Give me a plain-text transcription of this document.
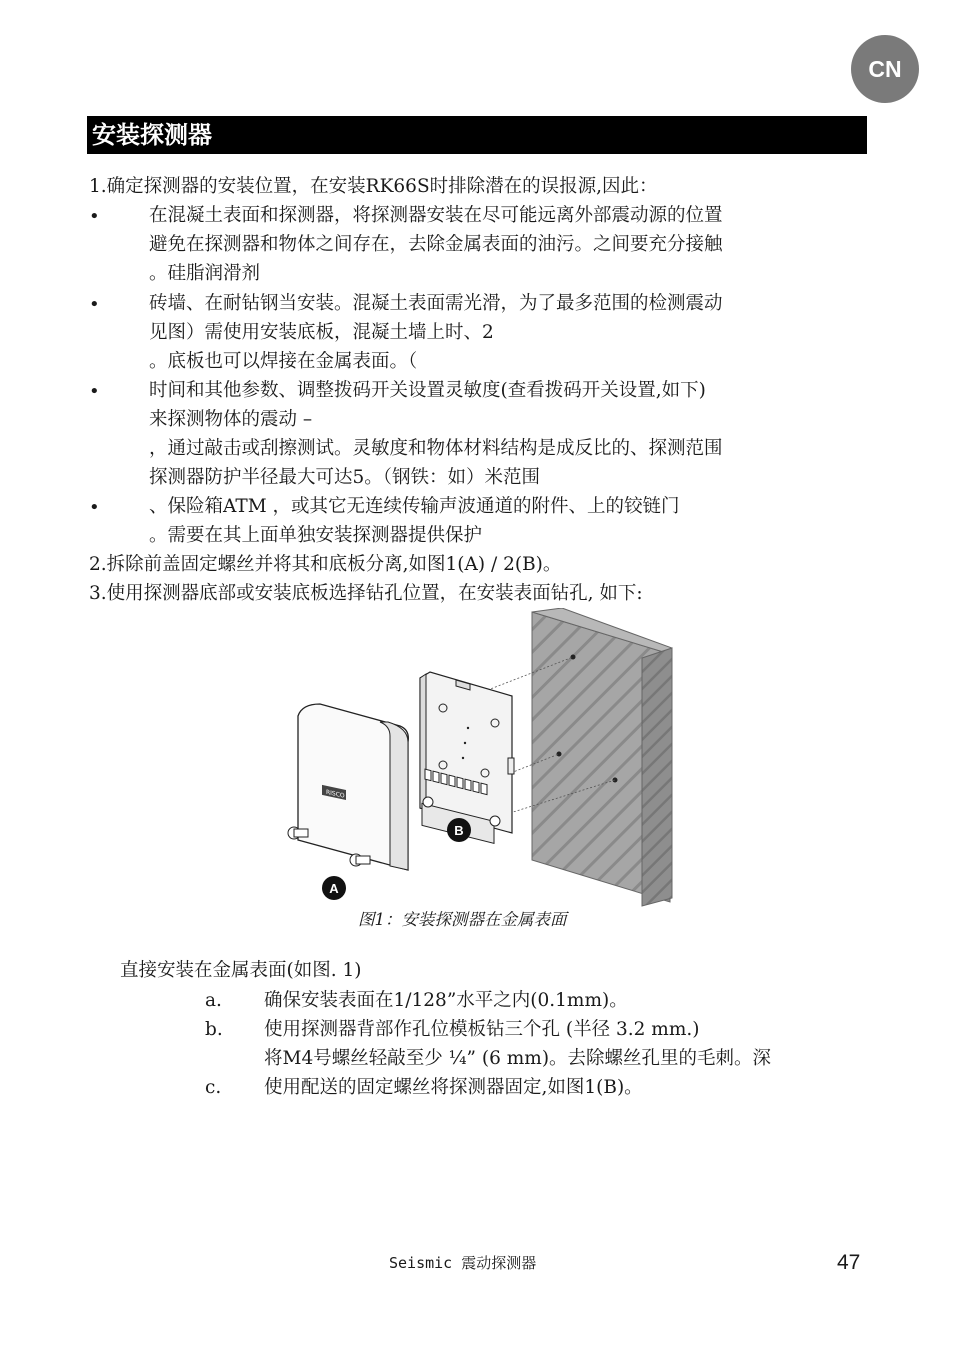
CN
安装探测器
1.确定探测器的安装位置，在安装RK66S时排除潜在的误报源,因此：
•	在混凝土表面和探测器，将探测器安装在尽可能远离外部震动源的位置
避免在探测器和物体之间存在，去除金属表面的油污。之间要充分接触
。硅脂润滑剂
•	砖墙、在耐钻钢当安装。混凝土表面需光滑，为了最多范围的检测震动
见图）需使用安装底板，混凝土墙上时、2
。底板也可以焊接在金属表面。（
•	时间和其他参数、调整拨码开关设置灵敏度(查看拨码开关设置,如下)
来探测物体的震动 –
，通过敲击或刮擦测试。灵敏度和物体材料结构是成反比的、探测范围
探测器防护半径最大可达5。（钢铁：如）米范围
•	、保险箱ATM ，或其它无连续传输声波通道的附件、上的铰链门
。需要在其上面单独安装探测器提供保护
2.拆除前盖固定螺丝并将其和底板分离,如图1(A) / 2(B)。
3.使用探测器底部或安装底板选择钻孔位置，在安装表面钻孔, 如下:
RISCO
B
A
图1：安装探测器在金属表面
直接安装在金属表面(如图. 1)
a. 确保安装表面在1/128”水平之内(0.1mm)。
b. 使用探测器背部作孔位模板钻三个孔 (半径 3.2 mm.)
将M4号螺丝轻敲至少 ¼” (6 mm)。去除螺丝孔里的毛刺。深
c. 使用配送的固定螺丝将探测器固定,如图1(B)。
Seismic 震动探测器	47
